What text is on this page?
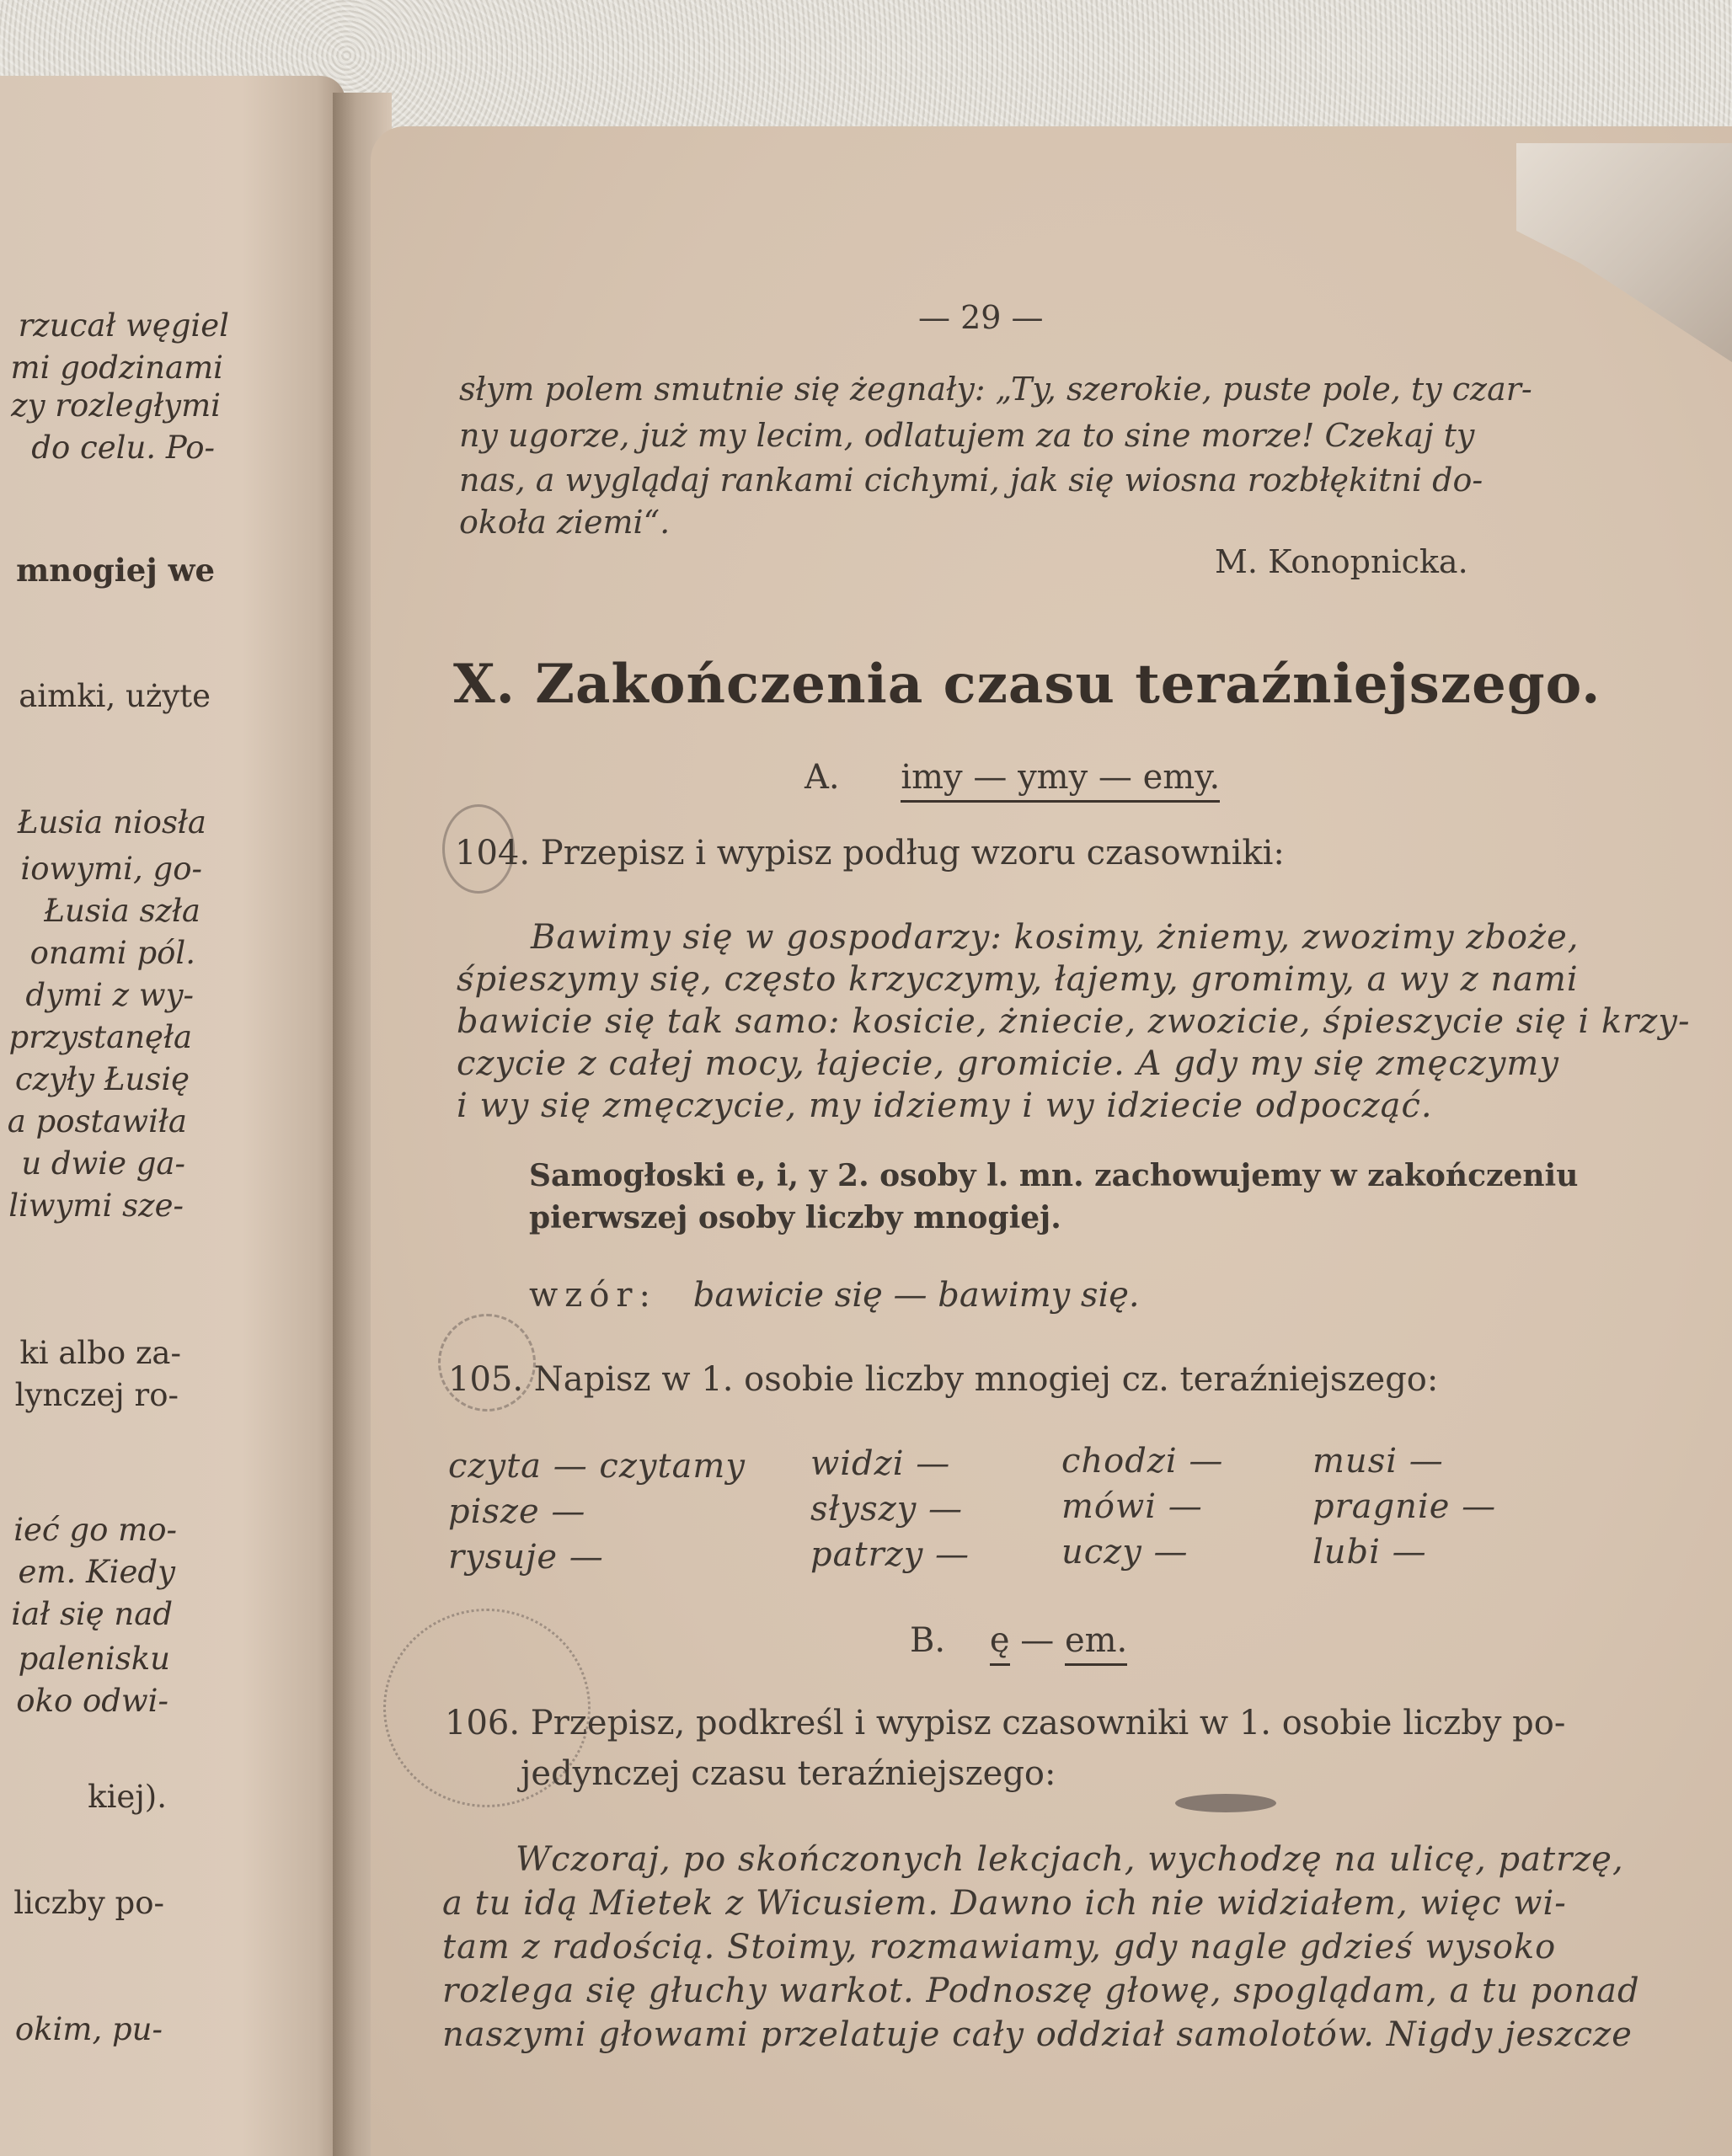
rzucał węgiel
mi godzinami
zy rozległymi
do celu. Po-
mnogiej we
aimki, użyte
Łusia niosła
iowymi, go-
Łusia szła
onami pól.
dymi z wy-
przystanęła
czyły Łusię
a postawiła
u dwie ga-
liwymi sze-
ki albo za-
lynczej ro-
ieć go mo-
em. Kiedy
iał się nad
palenisku
oko odwi-
kiej).
liczby po-
okim, pu-
— 29 —
słym polem smutnie się żegnały: „Ty, szerokie, puste pole, ty czar-
ny ugorze, już my lecim, odlatujem za to sine morze! Czekaj ty
nas, a wyglądaj rankami cichymi, jak się wiosna rozbłękitni do-
okoła ziemi“.
M. Konopnicka.
X. Zakończenia czasu teraźniejszego.
A. imy — ymy — emy.
104. Przepisz i wypisz podług wzoru czasowniki:
Bawimy się w gospodarzy: kosimy, żniemy, zwozimy zboże,
śpieszymy się, często krzyczymy, łajemy, gromimy, a wy z nami
bawicie się tak samo: kosicie, żniecie, zwozicie, śpieszycie się i krzy-
czycie z całej mocy, łajecie, gromicie. A gdy my się zmęczymy
i wy się zmęczycie, my idziemy i wy idziecie odpocząć.
Samogłoski e, i, y 2. osoby l. mn. zachowujemy w zakończeniu
pierwszej osoby liczby mnogiej.
wzór: bawicie się — bawimy się.
105. Napisz w 1. osobie liczby mnogiej cz. teraźniejszego:
czyta — czytamy
pisze —
rysuje —
widzi —
słyszy —
patrzy —
chodzi —
mówi —
uczy —
musi —
pragnie —
lubi —
B. ę — em.
106. Przepisz, podkreśl i wypisz czasowniki w 1. osobie liczby po-
jedynczej czasu teraźniejszego:
Wczoraj, po skończonych lekcjach, wychodzę na ulicę, patrzę,
a tu idą Mietek z Wicusiem. Dawno ich nie widziałem, więc wi-
tam z radością. Stoimy, rozmawiamy, gdy nagle gdzieś wysoko
rozlega się głuchy warkot. Podnoszę głowę, spoglądam, a tu ponad
naszymi głowami przelatuje cały oddział samolotów. Nigdy jeszcze
